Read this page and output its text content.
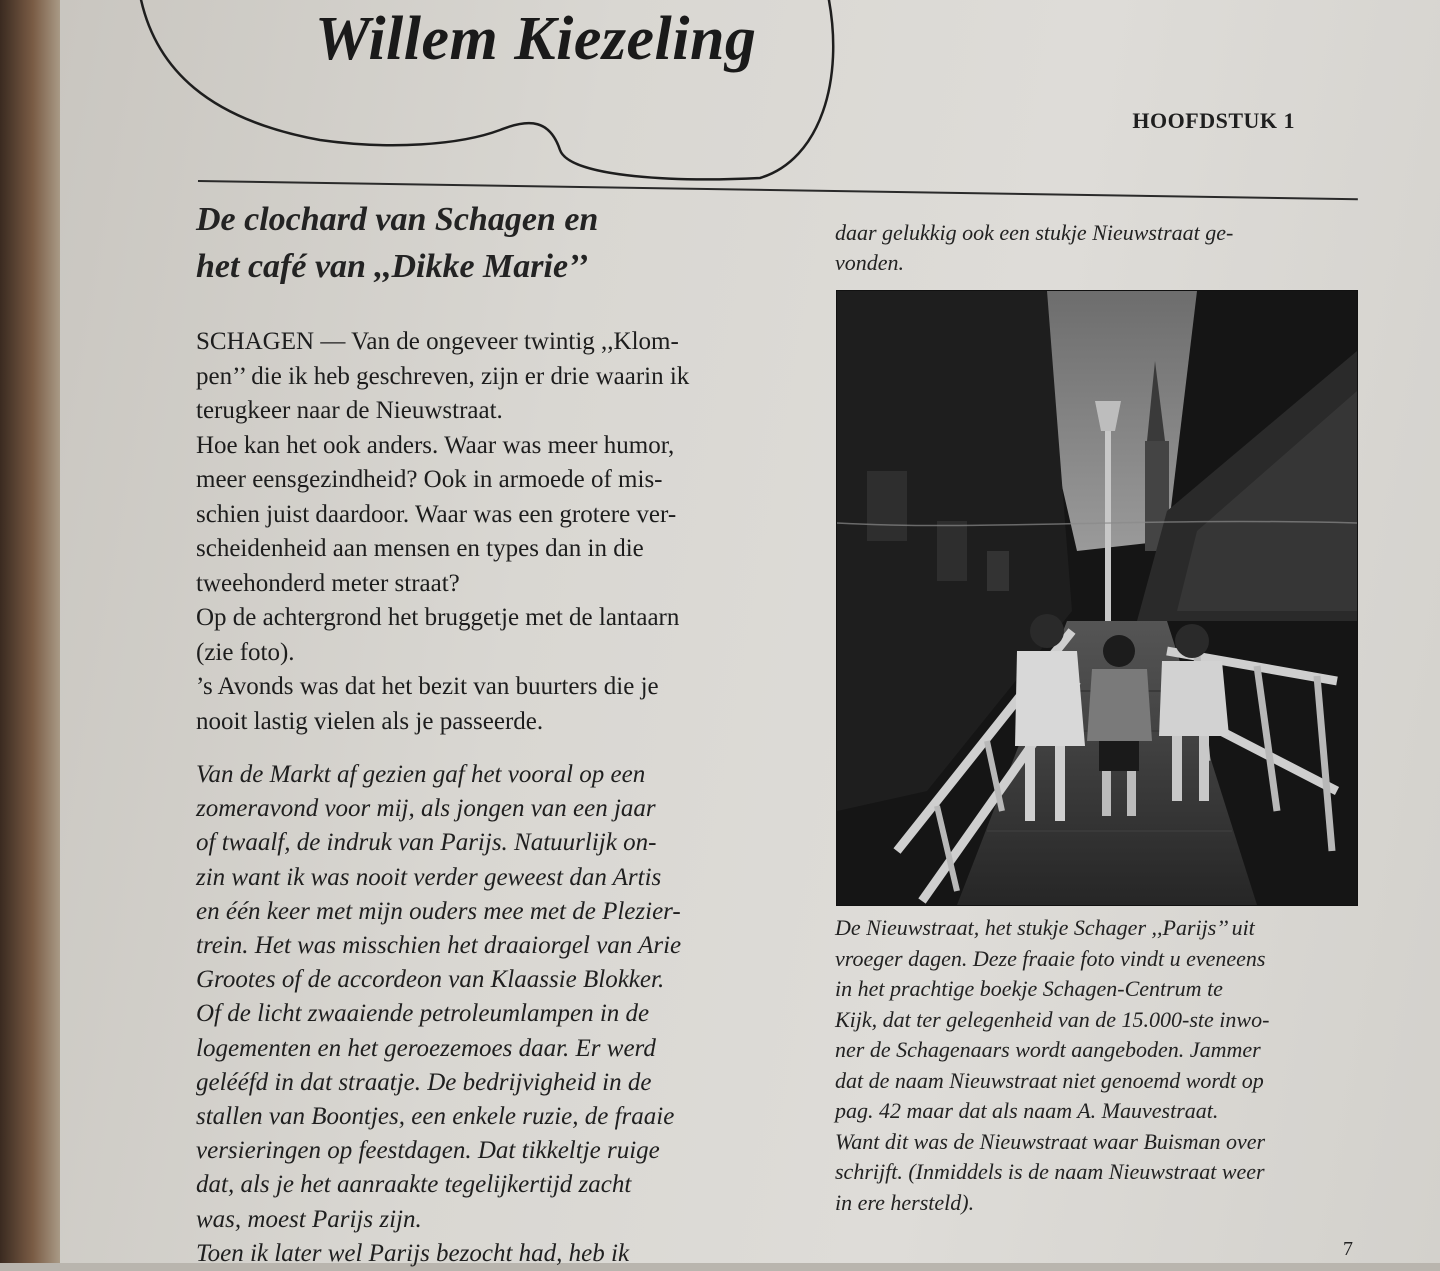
Willem Kiezeling
HOOFDSTUK 1
De clochard van Schagen en
het café van ,,Dikke Marie’’
SCHAGEN — Van de ongeveer twintig ,,Klom-
pen’’ die ik heb geschreven, zijn er drie waarin ik
terugkeer naar de Nieuwstraat.
Hoe kan het ook anders. Waar was meer humor,
meer eensgezindheid? Ook in armoede of mis-
schien juist daardoor. Waar was een grotere ver-
scheidenheid aan mensen en types dan in die
tweehonderd meter straat?
Op de achtergrond het bruggetje met de lantaarn
(zie foto).
’s Avonds was dat het bezit van buurters die je
nooit lastig vielen als je passeerde.
Van de Markt af gezien gaf het vooral op een
zomeravond voor mij, als jongen van een jaar
of twaalf, de indruk van Parijs. Natuurlijk on-
zin want ik was nooit verder geweest dan Artis
en één keer met mijn ouders mee met de Plezier-
trein. Het was misschien het draaiorgel van Arie
Grootes of de accordeon van Klaassie Blokker.
Of de licht zwaaiende petroleumlampen in de
logementen en het geroezemoes daar. Er werd
gelééfd in dat straatje. De bedrijvigheid in de
stallen van Boontjes, een enkele ruzie, de fraaie
versieringen op feestdagen. Dat tikkeltje ruige
dat, als je het aanraakte tegelijkertijd zacht
was, moest Parijs zijn.
Toen ik later wel Parijs bezocht had, heb ik
daar gelukkig ook een stukje Nieuwstraat ge-
vonden.
De Nieuwstraat, het stukje Schager ,,Parijs’’ uit
vroeger dagen. Deze fraaie foto vindt u eveneens
in het prachtige boekje Schagen-Centrum te
Kijk, dat ter gelegenheid van de 15.000-ste inwo-
ner de Schagenaars wordt aangeboden. Jammer
dat de naam Nieuwstraat niet genoemd wordt op
pag. 42 maar dat als naam A. Mauvestraat.
Want dit was de Nieuwstraat waar Buisman over
schrijft. (Inmiddels is de naam Nieuwstraat weer
in ere hersteld).
7
